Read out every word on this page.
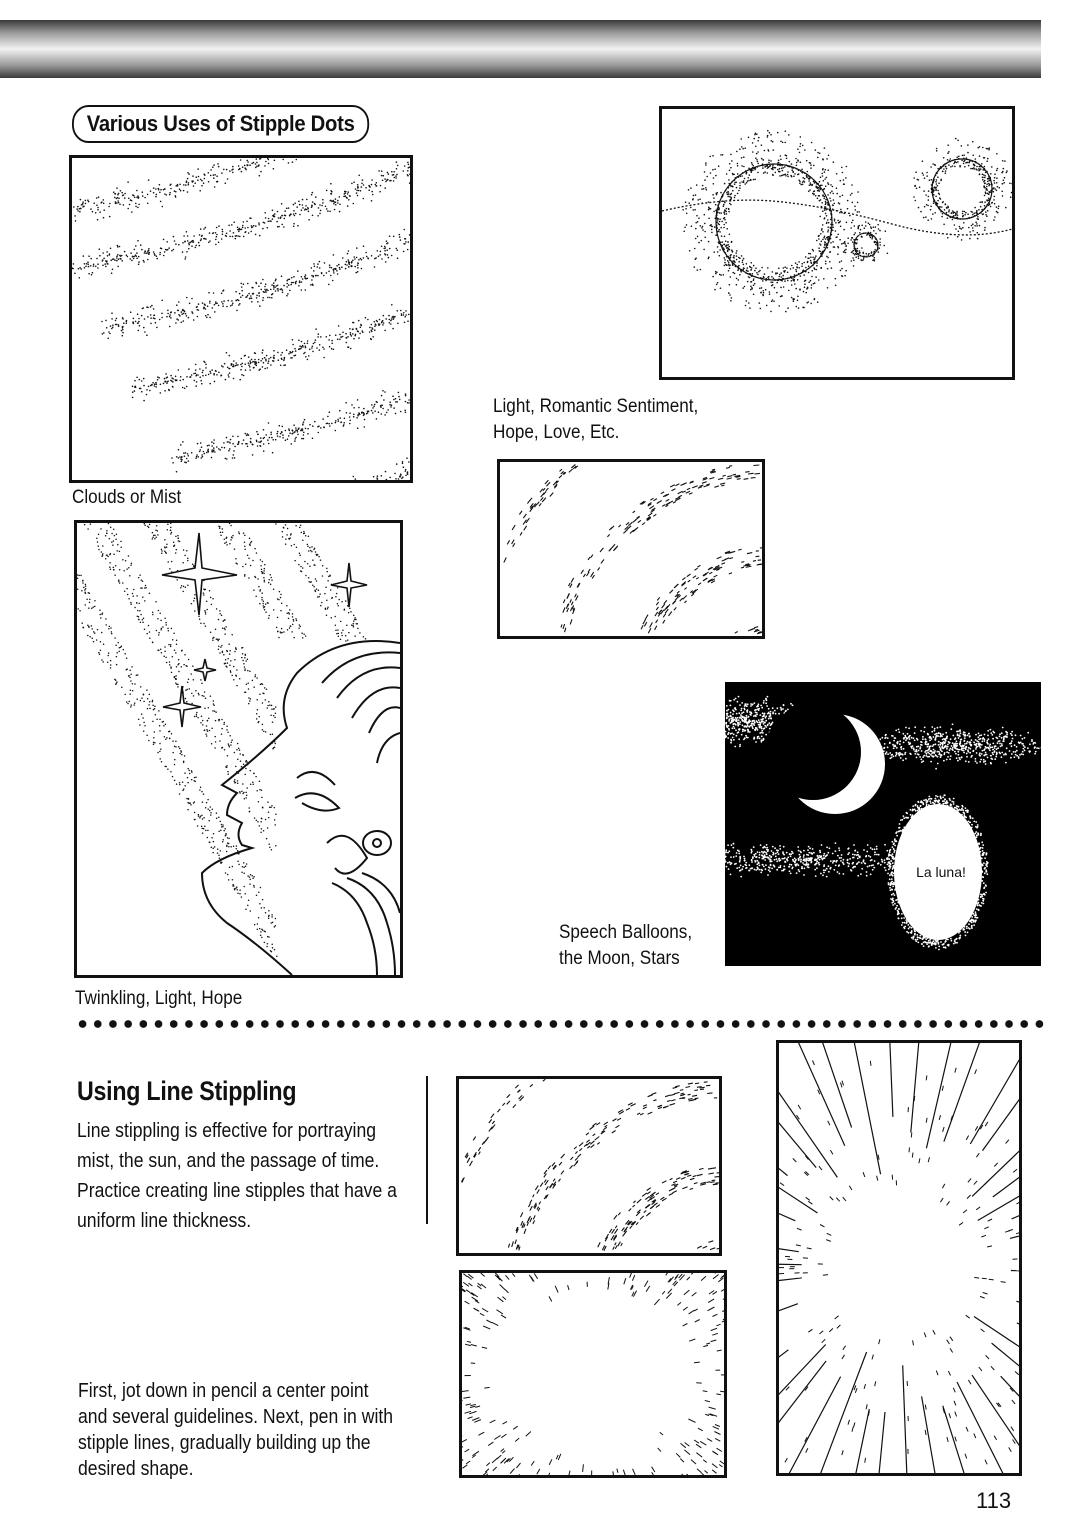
Various Uses of Stipple Dots
Clouds or Mist
Light, Romantic Sentiment,
Hope, Love, Etc.
Twinkling, Light, Hope
La luna!
Speech Balloons,
the Moon, Stars
Using Line Stippling
Line stippling is effective for portraying
mist, the sun, and the passage of time.
Practice creating line stipples that have a
uniform line thickness.
First, jot down in pencil a center point
and several guidelines. Next, pen in with
stipple lines, gradually building up the
desired shape.
113
